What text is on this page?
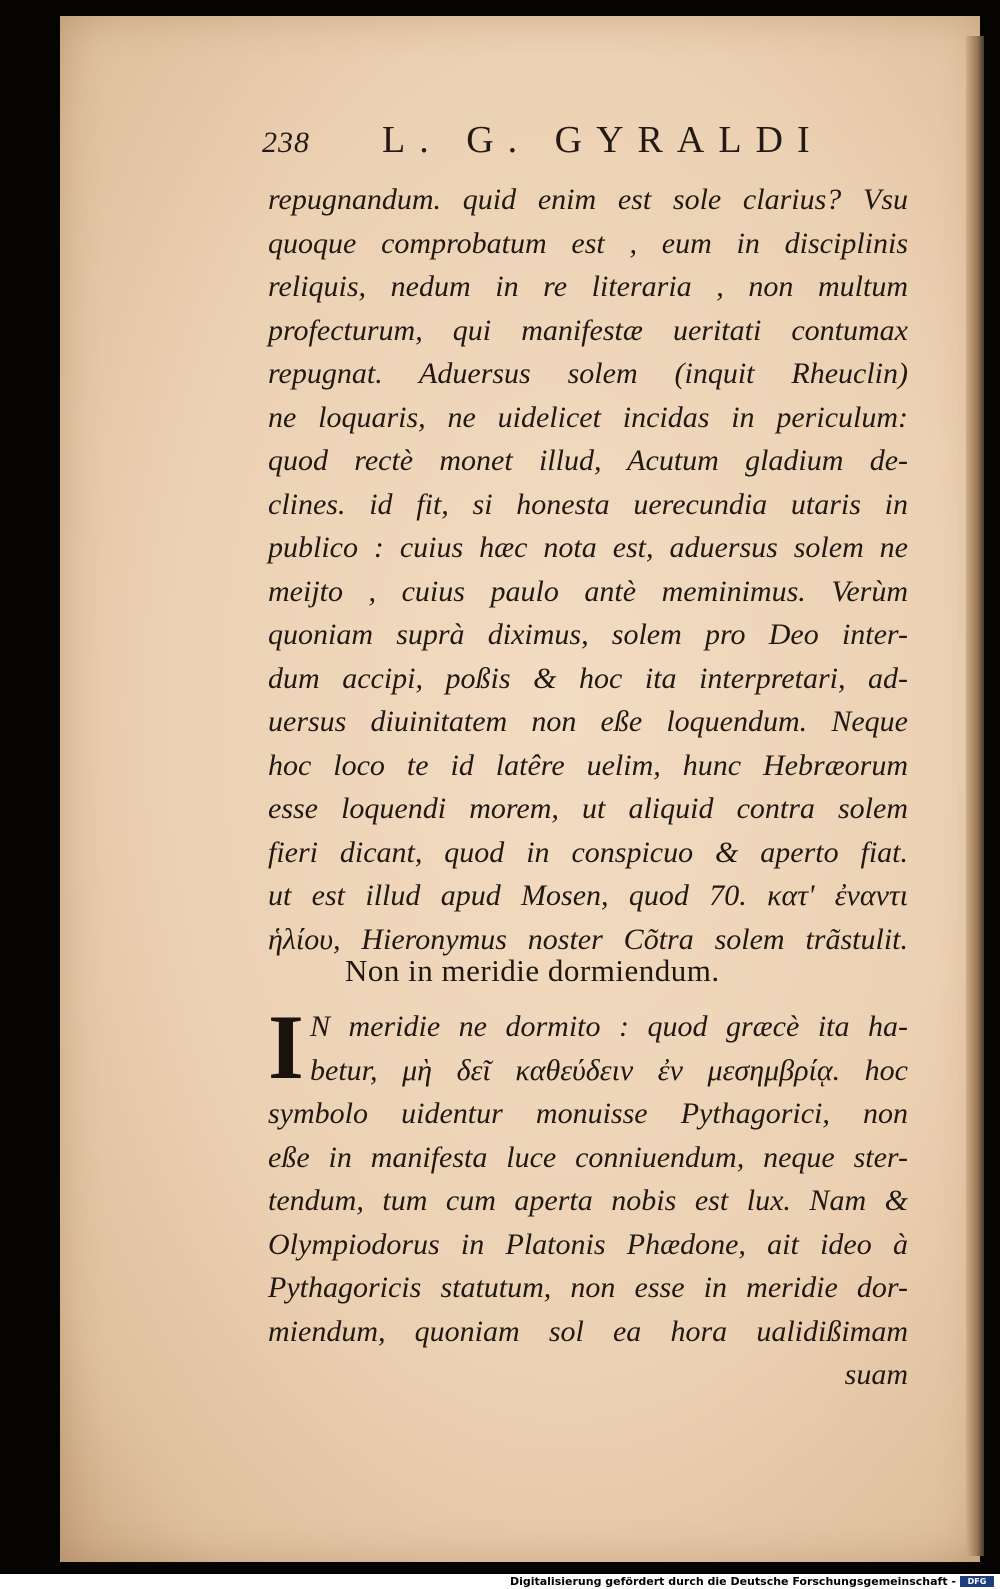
238	L. G. GYRALDI
repugnandum. quid enim est sole clarius? Vsu
quoque comprobatum est , eum in disciplinis
reliquis, nedum in re literaria , non multum
profecturum, qui manifestæ ueritati contumax
repugnat. Aduersus solem (inquit Rheuclin)
ne loquaris, ne uidelicet incidas in periculum:
quod rectè monet illud, Acutum gladium de-
clines. id fit, si honesta uerecundia utaris in
publico : cuius hæc nota est, aduersus solem ne
meijto , cuius paulo antè meminimus. Verùm
quoniam suprà diximus, solem pro Deo inter-
dum accipi, poßis & hoc ita interpretari, ad-
uersus diuinitatem non eße loquendum. Neque
hoc loco te id latêre uelim, hunc Hebræorum
esse loquendi morem, ut aliquid contra solem
fieri dicant, quod in conspicuo & aperto fiat.
ut est illud apud Mosen, quod 70. κατ' ἐναντι
ἡλίου, Hieronymus noster Cõtra solem trãstulit.
Non in meridie dormiendum.
I N meridie ne dormito : quod græcè ita ha-
betur, μὴ δεῖ καθεύδειν ἐν μεσημβρίᾳ. hoc
symbolo uidentur monuisse Pythagorici, non
eße in manifesta luce conniuendum, neque ster-
tendum, tum cum aperta nobis est lux. Nam &
Olympiodorus in Platonis Phædone, ait ideo à
Pythagoricis statutum, non esse in meridie dor-
miendum, quoniam sol ea hora ualidißimam
suam
Digitalisierung gefördert durch die Deutsche Forschungsgemeinschaft -	DFG
